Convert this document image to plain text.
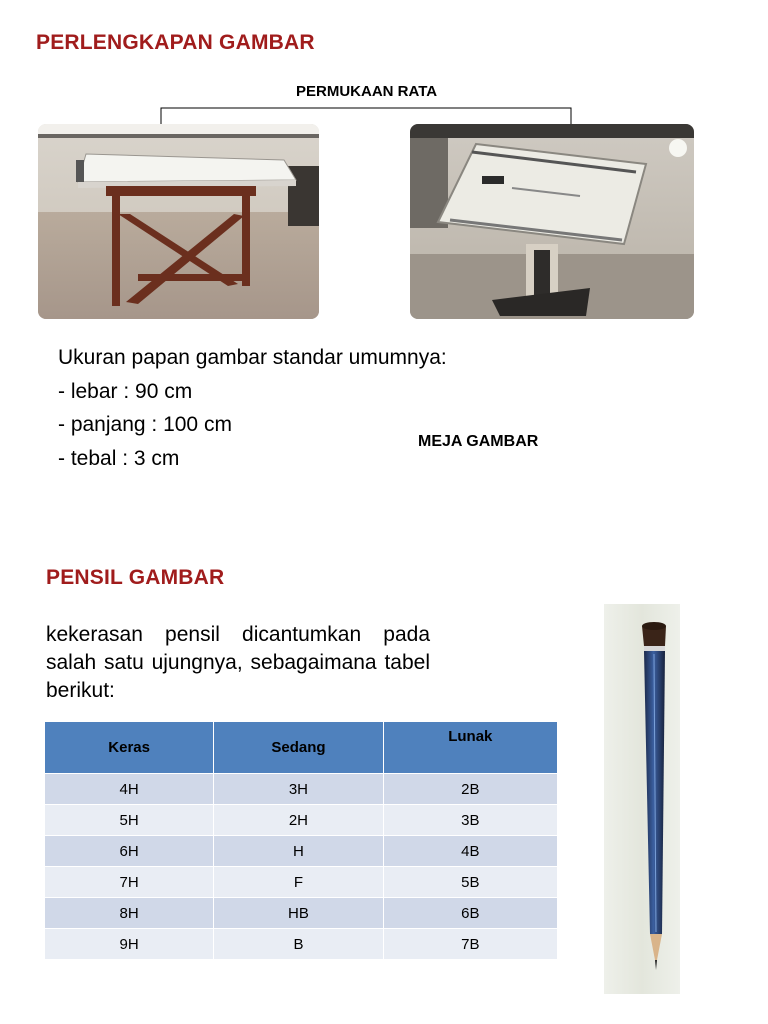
PERLENGKAPAN GAMBAR
PERMUKAAN RATA
Ukuran papan gambar standar umumnya:
- lebar : 90 cm
- panjang : 100 cm
- tebal : 3 cm
MEJA GAMBAR
PENSIL GAMBAR
kekerasan pensil dicantumkan pada salah satu ujungnya, sebagaimana tabel berikut:
Keras	Sedang	Lunak
4H	3H	2B
5H	2H	3B
6H	H	4B
7H	F	5B
8H	HB	6B
9H	B	7B
